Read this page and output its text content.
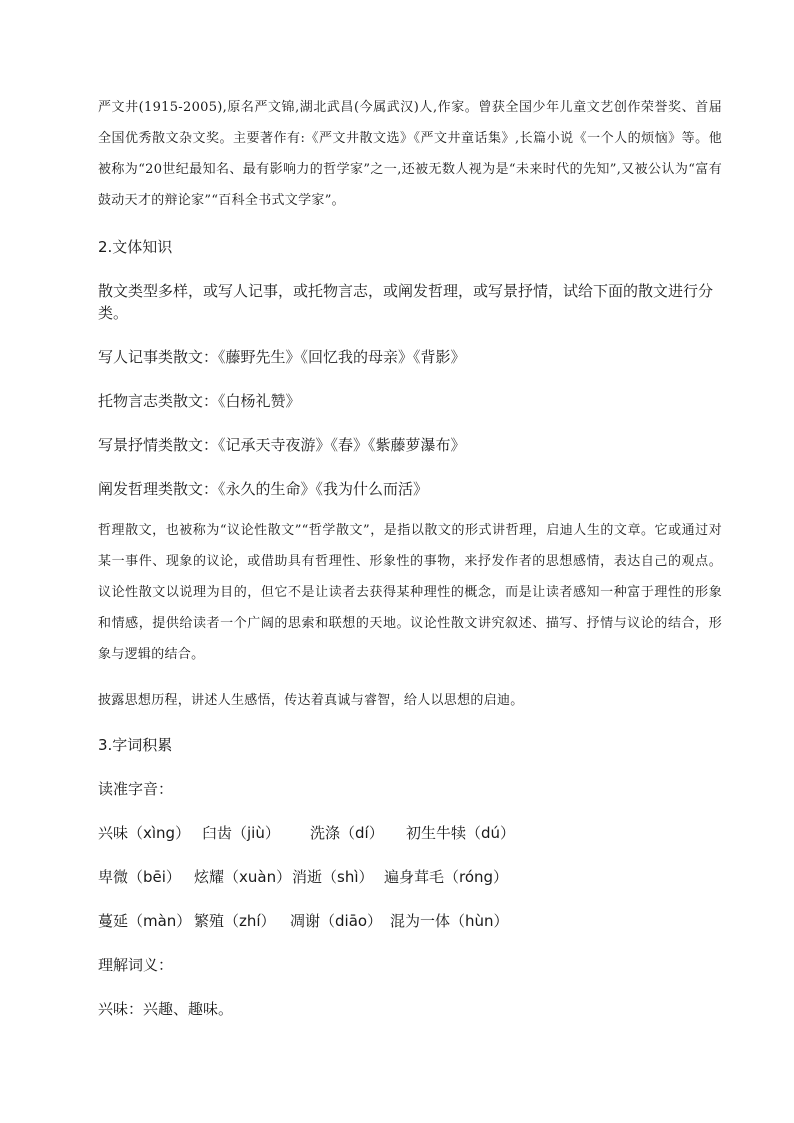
严文井(1915-2005),原名严文锦,湖北武昌(今属武汉)人,作家。曾获全国少年儿童文艺创作荣誉奖、首届全国优秀散文杂文奖。主要著作有:《严文井散文选》《严文井童话集》,长篇小说《一个人的烦恼》等。他被称为“20世纪最知名、最有影响力的哲学家”之一,还被无数人视为是“未来时代的先知”,又被公认为“富有鼓动天才的辩论家”“百科全书式文学家”。

2.文体知识

散文类型多样，或写人记事，或托物言志，或阐发哲理，或写景抒情，试给下面的散文进行分类。

写人记事类散文：《藤野先生》《回忆我的母亲》《背影》

托物言志类散文：《白杨礼赞》

写景抒情类散文：《记承天寺夜游》《春》《紫藤萝瀑布》

阐发哲理类散文：《永久的生命》《我为什么而活》

哲理散文，也被称为“议论性散文”“哲学散文”，是指以散文的形式讲哲理，启迪人生的文章。它或通过对某一事件、现象的议论，或借助具有哲理性、形象性的事物，来抒发作者的思想感情，表达自己的观点。议论性散文以说理为目的，但它不是让读者去获得某种理性的概念，而是让读者感知一种富于理性的形象和情感，提供给读者一个广阔的思索和联想的天地。议论性散文讲究叙述、描写、抒情与议论的结合，形象与逻辑的结合。

披露思想历程，讲述人生感悟，传达着真诚与睿智，给人以思想的启迪。

3.字词积累

读准字音：

兴味（xìng） 臼齿（jiù）	洗涤（dí）	初生牛犊（dú）
卑微（bēi） 炫耀（xuàn） 消逝（shì） 遍身茸毛（róng）
蔓延（màn） 繁殖（zhí） 凋谢（diāo） 混为一体（hùn）

理解词义：

兴味：兴趣、趣味。
